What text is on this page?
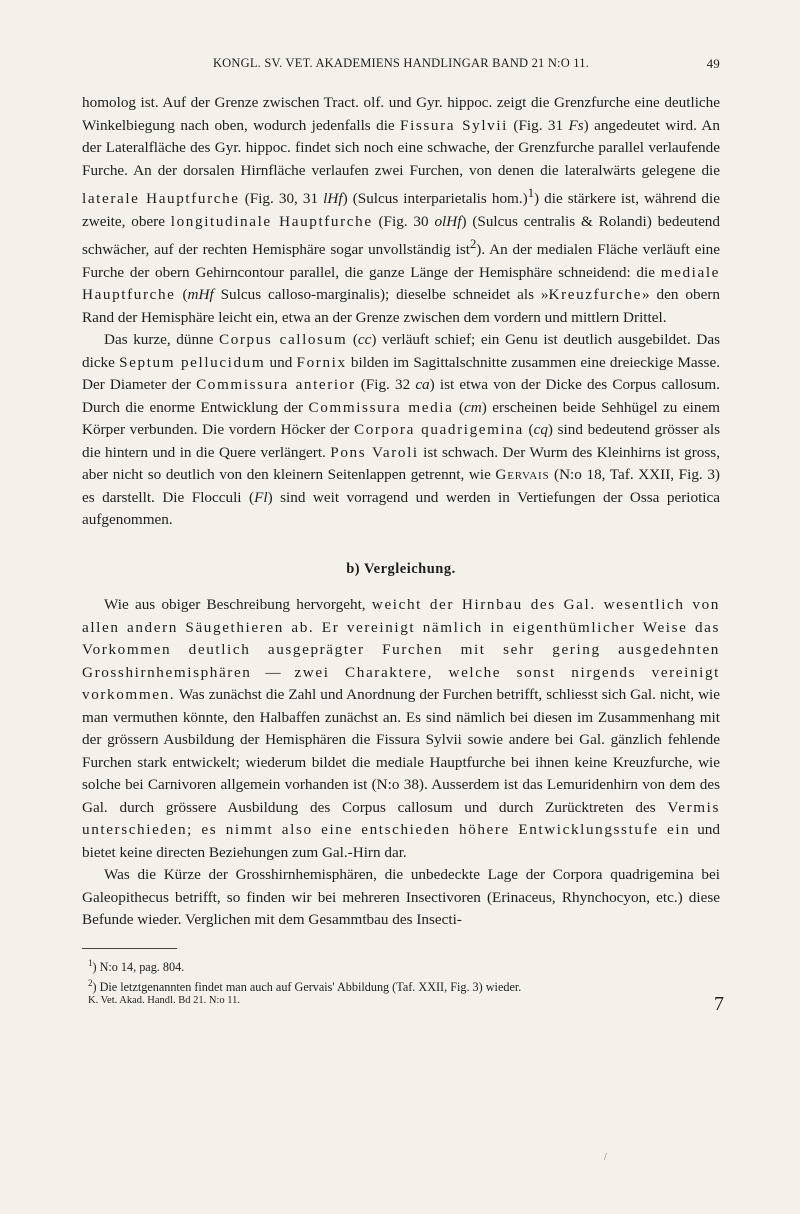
KONGL. SV. VET. AKADEMIENS HANDLINGAR BAND 21 N:O 11.	49

homolog ist. Auf der Grenze zwischen Tract. olf. und Gyr. hippoc. zeigt die Grenzfurche eine deutliche Winkelbiegung nach oben, wodurch jedenfalls die Fissura Sylvii (Fig. 31 Fs) angedeutet wird. An der Lateralfläche des Gyr. hippoc. findet sich noch eine schwache, der Grenzfurche parallel verlaufende Furche. An der dorsalen Hirnfläche verlaufen zwei Furchen, von denen die lateralwärts gelegene die laterale Hauptfurche (Fig. 30, 31 lHf) (Sulcus interparietalis hom.)$^1$) die stärkere ist, während die zweite, obere longitudinale Hauptfurche (Fig. 30 olHf) (Sulcus centralis & Rolandi) bedeutend schwächer, auf der rechten Hemisphäre sogar unvollständig ist$^2$). An der medialen Fläche verläuft eine Furche der obern Gehirncontour parallel, die ganze Länge der Hemisphäre schneidend: die mediale Hauptfurche (mHf Sulcus calloso-marginalis); dieselbe schneidet als »Kreuzfurche» den obern Rand der Hemisphäre leicht ein, etwa an der Grenze zwischen dem vordern und mittlern Drittel.

Das kurze, dünne Corpus callosum (cc) verläuft schief; ein Genu ist deutlich ausgebildet. Das dicke Septum pellucidum und Fornix bilden im Sagittalschnitte zusammen eine dreieckige Masse. Der Diameter der Commissura anterior (Fig. 32 ca) ist etwa von der Dicke des Corpus callosum. Durch die enorme Entwicklung der Commissura media (cm) erscheinen beide Sehhügel zu einem Körper verbunden. Die vordern Höcker der Corpora quadrigemina (cq) sind bedeutend grösser als die hintern und in die Quere verlängert. Pons Varoli ist schwach. Der Wurm des Kleinhirns ist gross, aber nicht so deutlich von den kleinern Seitenlappen getrennt, wie Gervais (N:o 18, Taf. XXII, Fig. 3) es darstellt. Die Flocculi (Fl) sind weit vorragend und werden in Vertiefungen der Ossa periotica aufgenommen.

b) Vergleichung.

Wie aus obiger Beschreibung hervorgeht, weicht der Hirnbau des Gal. wesentlich von allen andern Säugethieren ab. Er vereinigt nämlich in eigenthümlicher Weise das Vorkommen deutlich ausgeprägter Furchen mit sehr gering ausgedehnten Grosshirnhemisphären — zwei Charaktere, welche sonst nirgends vereinigt vorkommen. Was zunächst die Zahl und Anordnung der Furchen betrifft, schliesst sich Gal. nicht, wie man vermuthen könnte, den Halbaffen zunächst an. Es sind nämlich bei diesen im Zusammenhang mit der grössern Ausbildung der Hemisphären die Fissura Sylvii sowie andere bei Gal. gänzlich fehlende Furchen stark entwickelt; wiederum bildet die mediale Hauptfurche bei ihnen keine Kreuzfurche, wie solche bei Carnivoren allgemein vorhanden ist (N:o 38). Ausserdem ist das Lemuridenhirn von dem des Gal. durch grössere Ausbildung des Corpus callosum und durch Zurücktreten des Vermis unterschieden; es nimmt also eine entschieden höhere Entwicklungsstufe ein und bietet keine directen Beziehungen zum Gal.-Hirn dar.

Was die Kürze der Grosshirnhemisphären, die unbedeckte Lage der Corpora quadrigemina bei Galeopithecus betrifft, so finden wir bei mehreren Insectivoren (Erinaceus, Rhynchocyon, etc.) diese Befunde wieder. Verglichen mit dem Gesammtbau des Insecti-

$^1$) N:o 14, pag. 804.

$^2$) Die letztgenannten findet man auch auf Gervais' Abbildung (Taf. XXII, Fig. 3) wieder.

K. Vet. Akad. Handl. Bd 21. N:o 11.	7
/
